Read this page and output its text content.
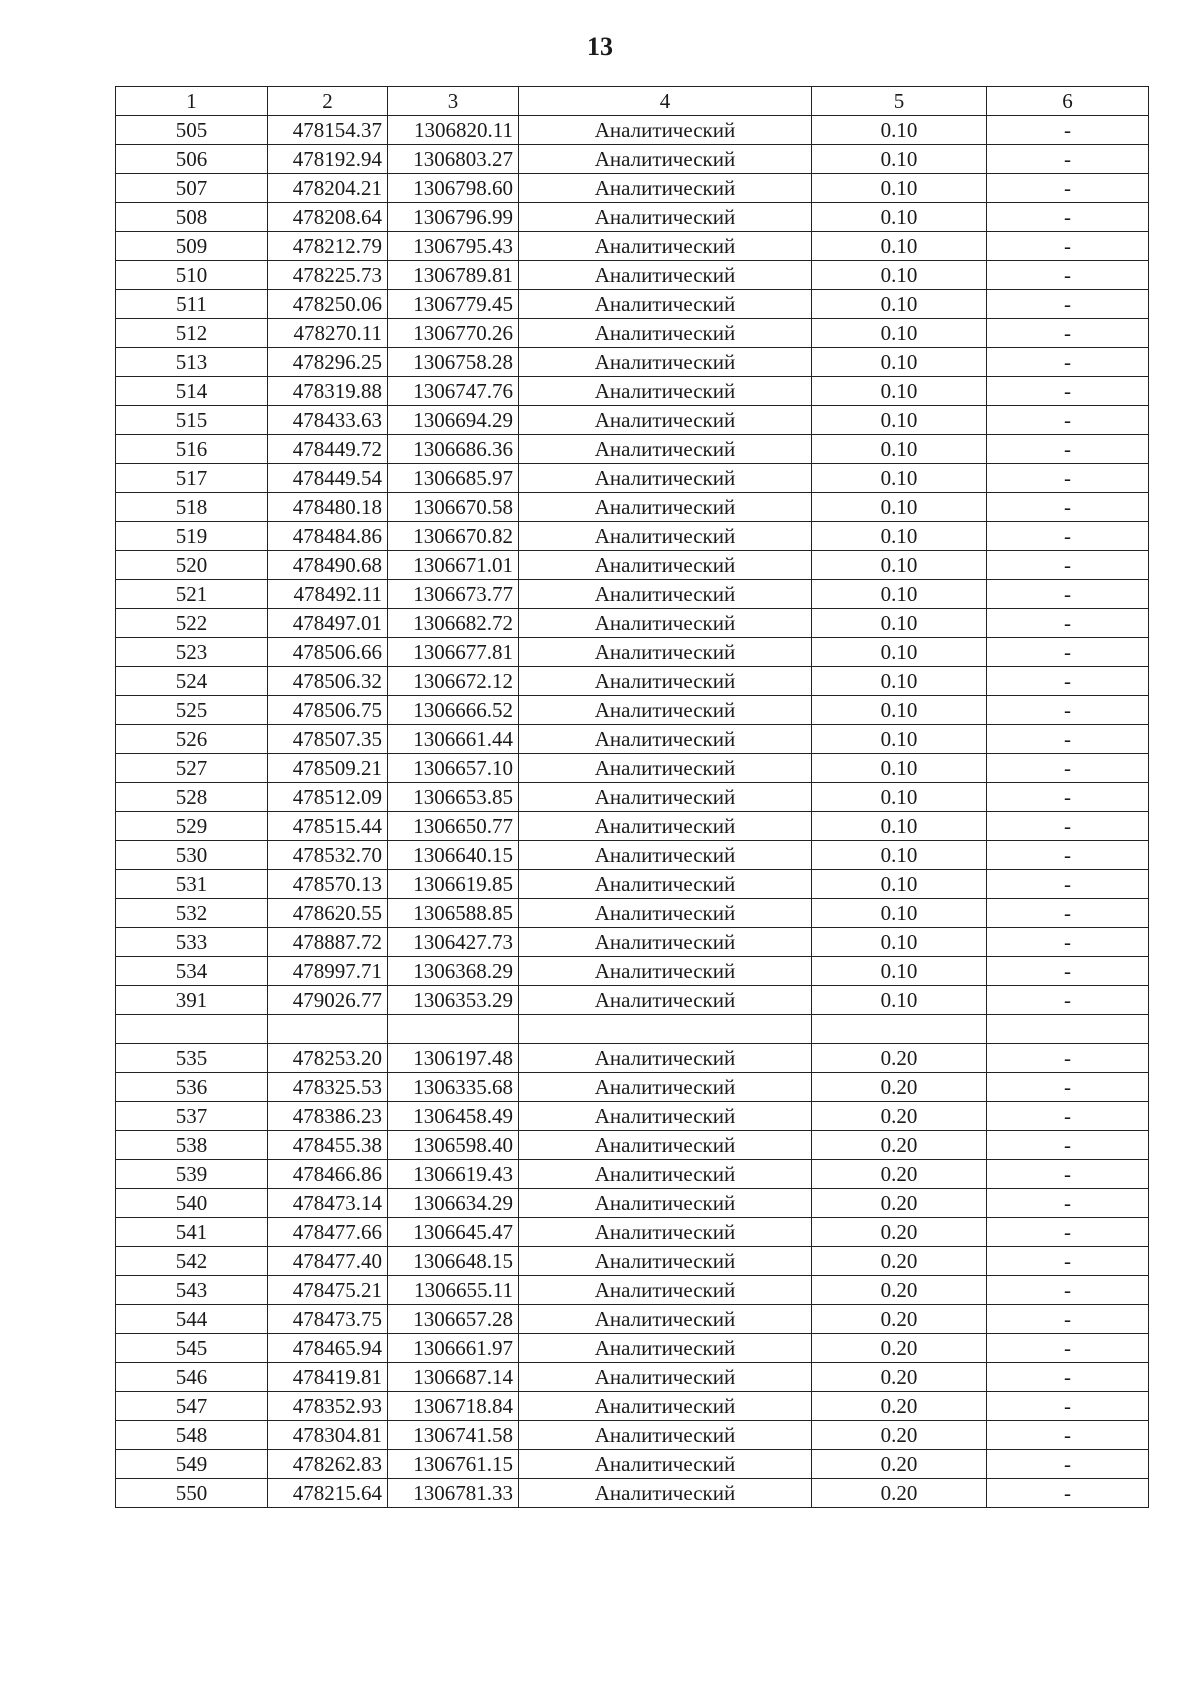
13
1	2	3	4	5	6
505	478154.37	1306820.11	Аналитический	0.10	-
506	478192.94	1306803.27	Аналитический	0.10	-
507	478204.21	1306798.60	Аналитический	0.10	-
508	478208.64	1306796.99	Аналитический	0.10	-
509	478212.79	1306795.43	Аналитический	0.10	-
510	478225.73	1306789.81	Аналитический	0.10	-
511	478250.06	1306779.45	Аналитический	0.10	-
512	478270.11	1306770.26	Аналитический	0.10	-
513	478296.25	1306758.28	Аналитический	0.10	-
514	478319.88	1306747.76	Аналитический	0.10	-
515	478433.63	1306694.29	Аналитический	0.10	-
516	478449.72	1306686.36	Аналитический	0.10	-
517	478449.54	1306685.97	Аналитический	0.10	-
518	478480.18	1306670.58	Аналитический	0.10	-
519	478484.86	1306670.82	Аналитический	0.10	-
520	478490.68	1306671.01	Аналитический	0.10	-
521	478492.11	1306673.77	Аналитический	0.10	-
522	478497.01	1306682.72	Аналитический	0.10	-
523	478506.66	1306677.81	Аналитический	0.10	-
524	478506.32	1306672.12	Аналитический	0.10	-
525	478506.75	1306666.52	Аналитический	0.10	-
526	478507.35	1306661.44	Аналитический	0.10	-
527	478509.21	1306657.10	Аналитический	0.10	-
528	478512.09	1306653.85	Аналитический	0.10	-
529	478515.44	1306650.77	Аналитический	0.10	-
530	478532.70	1306640.15	Аналитический	0.10	-
531	478570.13	1306619.85	Аналитический	0.10	-
532	478620.55	1306588.85	Аналитический	0.10	-
533	478887.72	1306427.73	Аналитический	0.10	-
534	478997.71	1306368.29	Аналитический	0.10	-
391	479026.77	1306353.29	Аналитический	0.10	-

535	478253.20	1306197.48	Аналитический	0.20	-
536	478325.53	1306335.68	Аналитический	0.20	-
537	478386.23	1306458.49	Аналитический	0.20	-
538	478455.38	1306598.40	Аналитический	0.20	-
539	478466.86	1306619.43	Аналитический	0.20	-
540	478473.14	1306634.29	Аналитический	0.20	-
541	478477.66	1306645.47	Аналитический	0.20	-
542	478477.40	1306648.15	Аналитический	0.20	-
543	478475.21	1306655.11	Аналитический	0.20	-
544	478473.75	1306657.28	Аналитический	0.20	-
545	478465.94	1306661.97	Аналитический	0.20	-
546	478419.81	1306687.14	Аналитический	0.20	-
547	478352.93	1306718.84	Аналитический	0.20	-
548	478304.81	1306741.58	Аналитический	0.20	-
549	478262.83	1306761.15	Аналитический	0.20	-
550	478215.64	1306781.33	Аналитический	0.20	-
